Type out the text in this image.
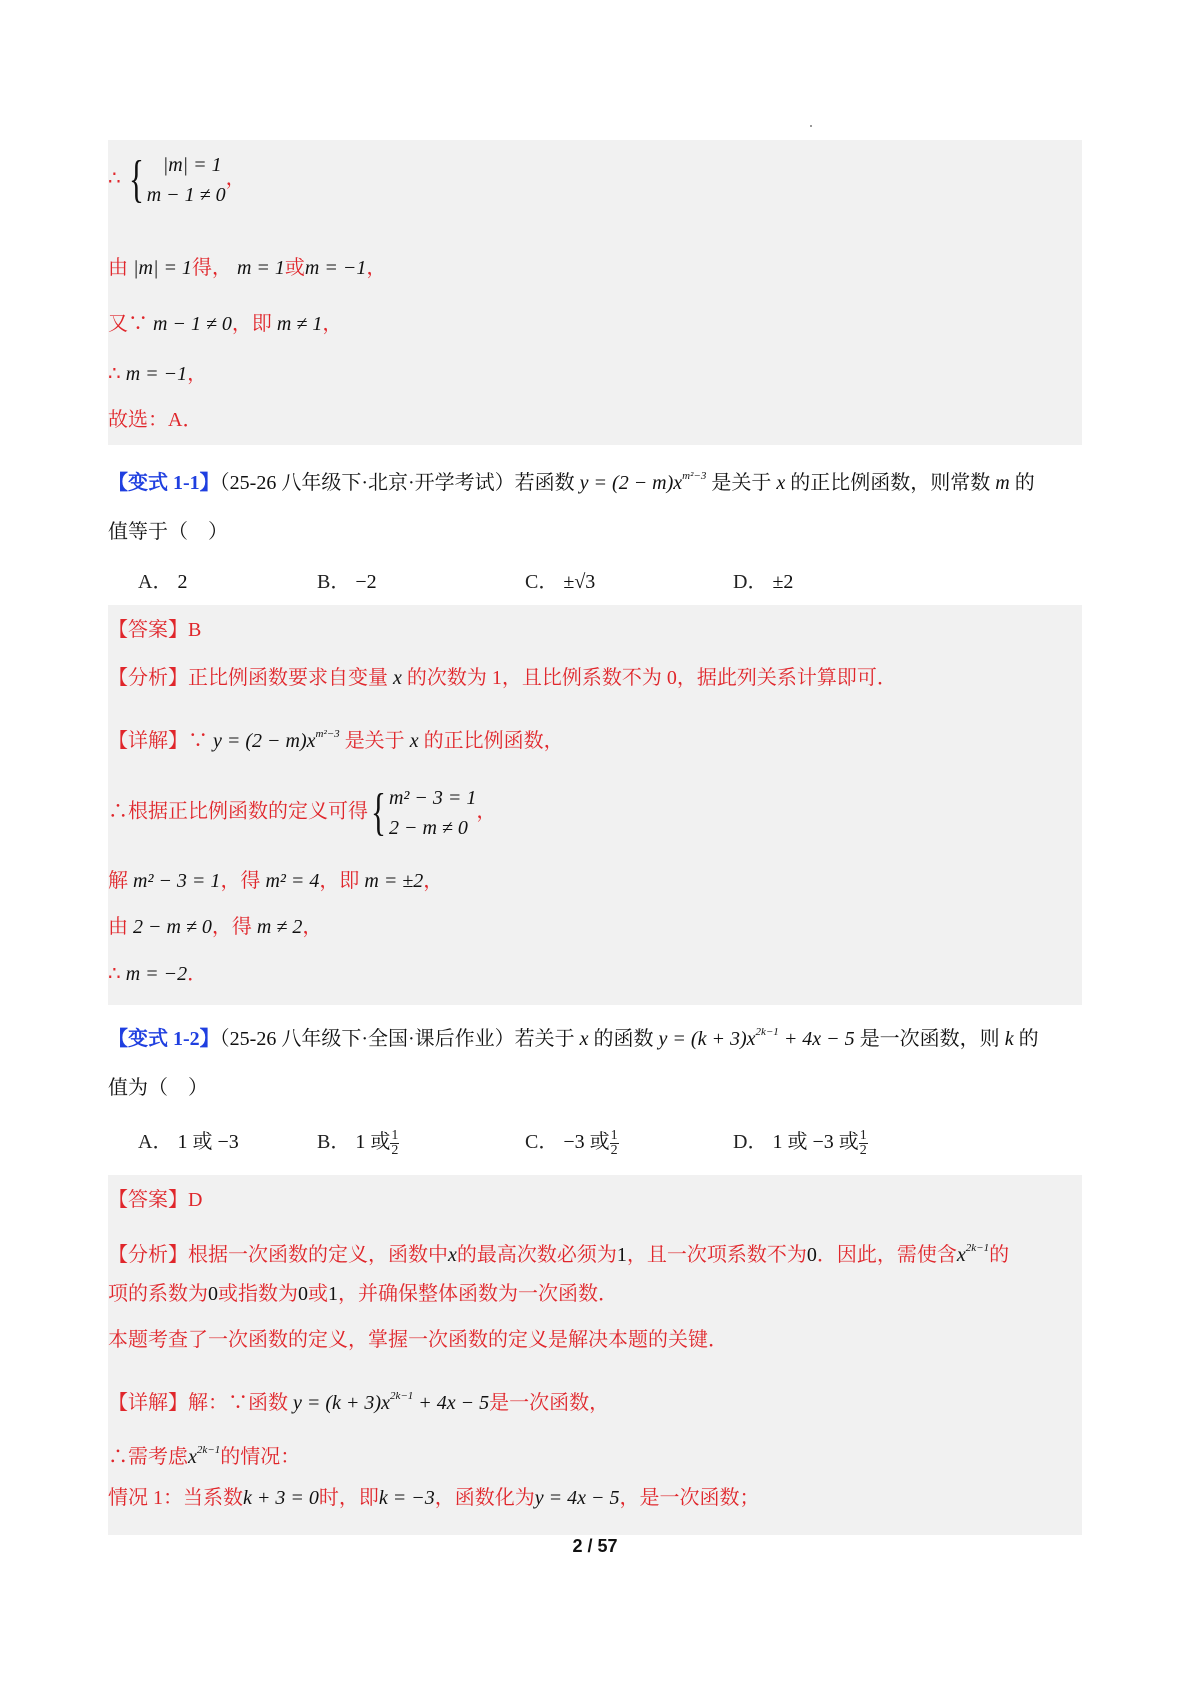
∴ { |m| = 1
m − 1 ≠ 0
，
由 |m| = 1得， m = 1或m = −1，
又∵ m − 1 ≠ 0，即 m ≠ 1，
∴ m = −1，
故选：A．
【变式 1-1】（25-26 八年级下·北京·开学考试）若函数 $y = (2 - m)x^{m^2-3}$ 是关于 x 的正比例函数，则常数 m 的
值等于（　）
A． 2	B． −2	C． ±√3	D． ±2
【答案】B
【分析】正比例函数要求自变量 x 的次数为 1，且比例系数不为 0，据此列关系计算即可．
【详解】∵ $y = (2 - m)x^{m^2-3}$ 是关于 x 的正比例函数，
∴根据正比例函数的定义可得 { m² − 3 = 1
2 − m ≠ 0
，
解 m² − 3 = 1，得 m² = 4，即 m = ±2，
由 2 − m ≠ 0，得 m ≠ 2，
∴ m = −2．
【变式 1-2】（25-26 八年级下·全国·课后作业）若关于 x 的函数 $y = (k + 3)x^{2k-1} + 4x - 5$ 是一次函数，则 k 的
值为（　）
A． 1 或 −3	B． 1 或 $\frac{1}{2}$	C． −3 或 $\frac{1}{2}$	D． 1 或 −3 或 $\frac{1}{2}$
【答案】D
【分析】根据一次函数的定义，函数中x的最高次数必须为1，且一次项系数不为0．因此，需使含$x^{2k-1}$的
项的系数为0或指数为0或1，并确保整体函数为一次函数．
本题考查了一次函数的定义，掌握一次函数的定义是解决本题的关键．
【详解】解：∵函数 $y = (k + 3)x^{2k-1} + 4x - 5$是一次函数，
∴需考虑$x^{2k-1}$的情况：
情况 1：当系数k + 3 = 0时，即k = −3，函数化为y = 4x − 5，是一次函数；
2 / 57
